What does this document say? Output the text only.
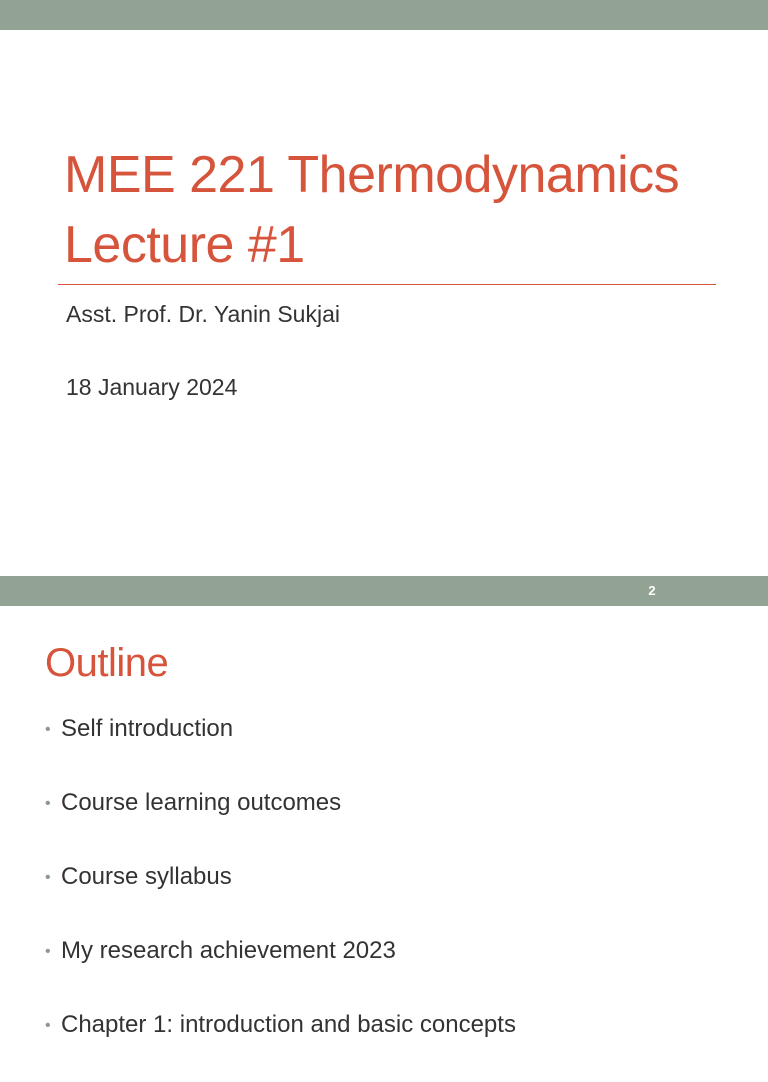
MEE 221 Thermodynamics
Lecture #1
Asst. Prof. Dr. Yanin Sukjai
18 January 2024
2
Outline
• Self introduction
• Course learning outcomes
• Course syllabus
• My research achievement 2023
• Chapter 1: introduction and basic concepts
